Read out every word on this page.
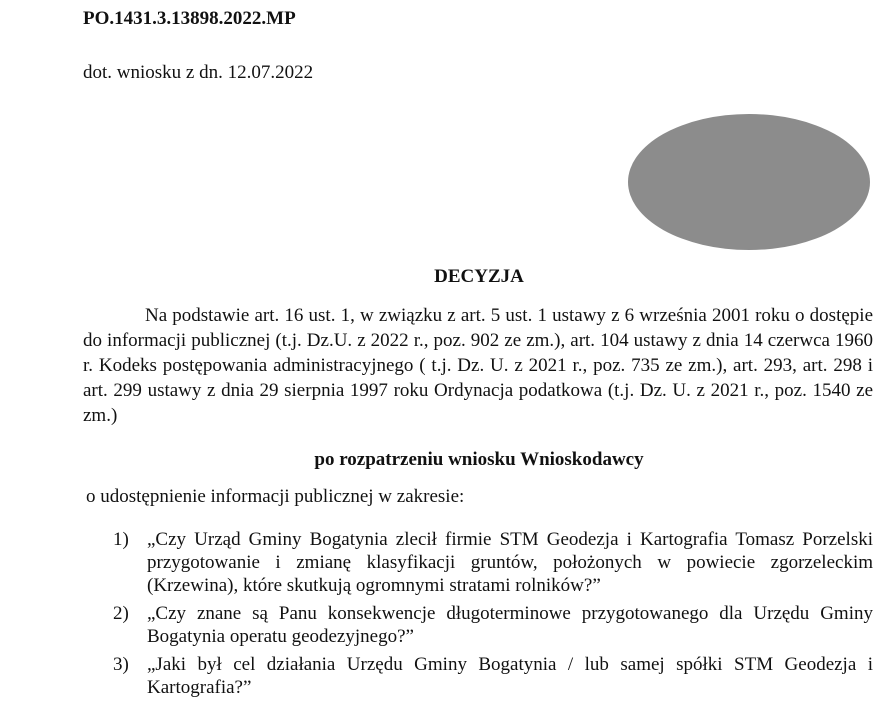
PO.1431.3.13898.2022.MP
dot. wniosku z dn. 12.07.2022
DECYZJA

Na podstawie art. 16 ust. 1, w związku z art. 5 ust. 1 ustawy z 6 września 2001 roku o dostępie do informacji publicznej (t.j. Dz.U. z 2022 r., poz. 902 ze zm.), art. 104 ustawy z dnia 14 czerwca 1960 r. Kodeks postępowania administracyjnego ( t.j. Dz. U. z 2021 r., poz. 735 ze zm.), art. 293, art. 298 i art. 299 ustawy z dnia 29 sierpnia 1997 roku Ordynacja podatkowa (t.j. Dz. U. z 2021 r., poz. 1540 ze zm.)

po rozpatrzeniu wniosku Wnioskodawcy
o udostępnienie informacji publicznej w zakresie:
1) „Czy Urząd Gminy Bogatynia zlecił firmie STM Geodezja i Kartografia Tomasz Porzelski przygotowanie i zmianę klasyfikacji gruntów, położonych w powiecie zgorzeleckim (Krzewina), które skutkują ogromnymi stratami rolników?”
2) „Czy znane są Panu konsekwencje długoterminowe przygotowanego dla Urzędu Gminy Bogatynia operatu geodezyjnego?”
3) „Jaki był cel działania Urzędu Gminy Bogatynia / lub samej spółki STM Geodezja i Kartografia?”
